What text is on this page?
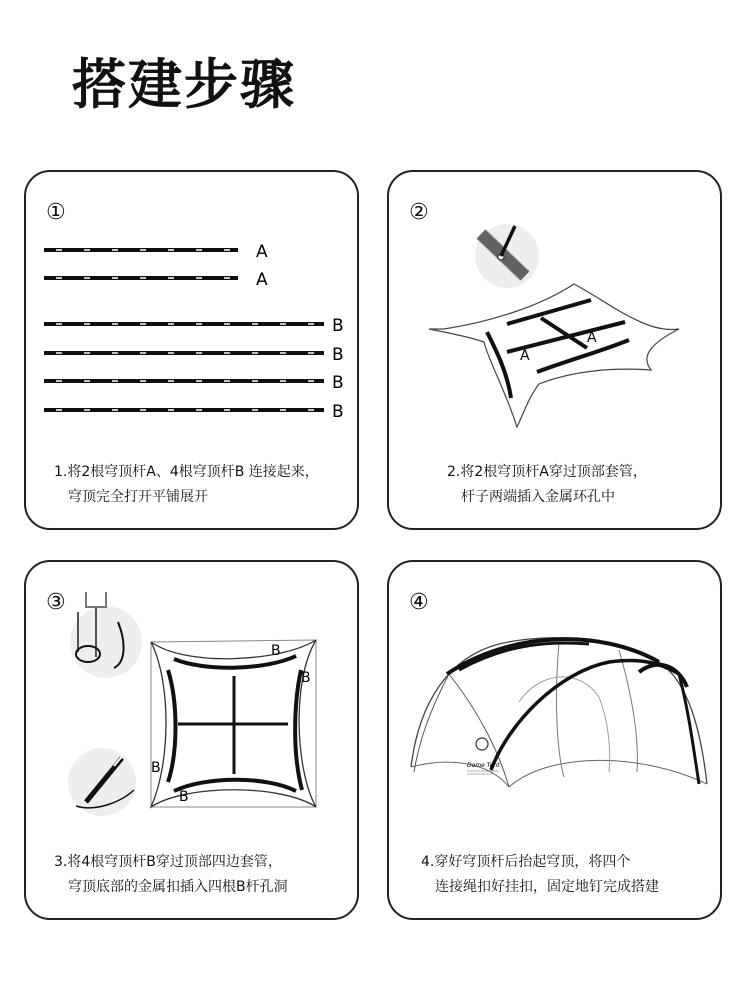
搭建步骤
①
A
A
B
B
B
B
1.将2根穹顶杆A、4根穹顶杆B 连接起来，
穹顶完全打开平铺展开
②
A
A
2.将2根穹顶杆A穿过顶部套管，
杆子两端插入金属环孔中
③
B
B
B
B
3.将4根穹顶杆B穿过顶部四边套管，
穹顶底部的金属扣插入四根B杆孔洞
④
Dome Tent
4.穿好穹顶杆后抬起穹顶，将四个
连接绳扣好挂扣，固定地钉完成搭建
